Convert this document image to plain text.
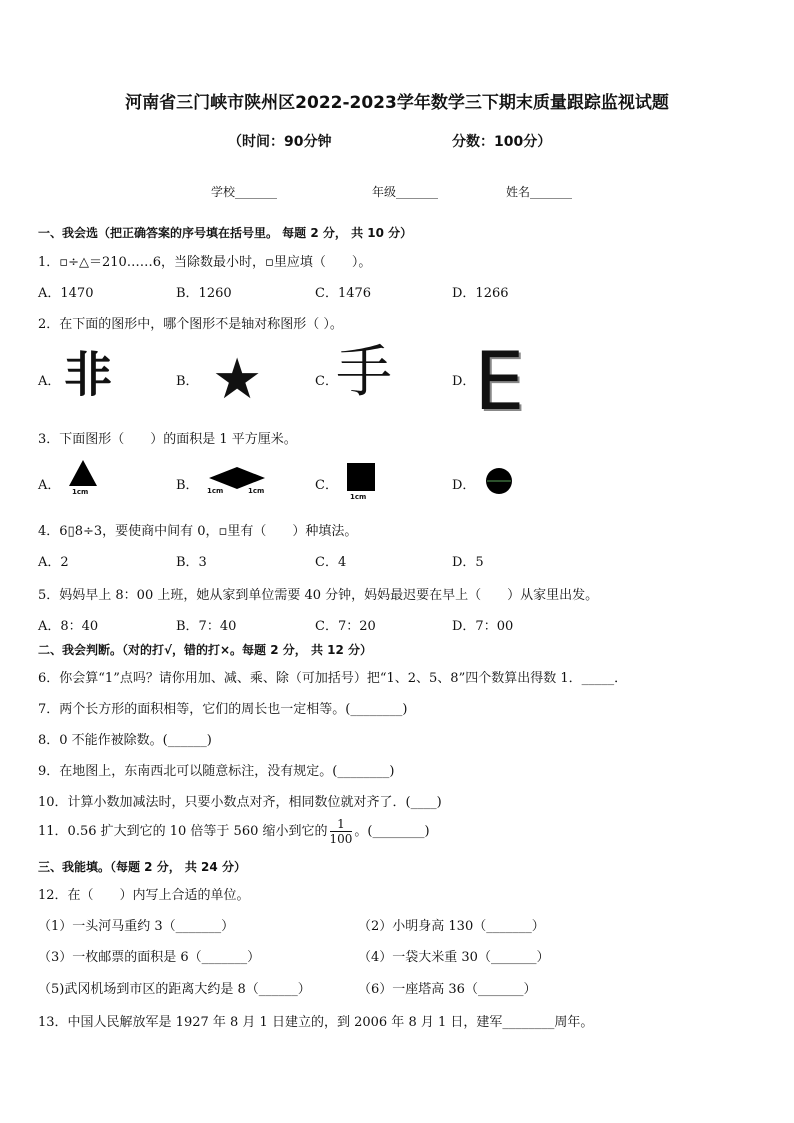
河南省三门峡市陕州区2022-2023学年数学三下期末质量跟踪监视试题
（时间：90分钟	分数：100分）
学校_______	年级_______	姓名_______
一、我会选（把正确答案的序号填在括号里。 每题 2 分， 共 10 分）
1．▫÷△＝210……6，当除数最小时，▫里应填（　　）。
A．1470	B．1260	C．1476	D．1266
2．在下面的图形中，哪个图形不是轴对称图形（ ）。
A． 非	B． ★	C．
手	D．
E
3．下面图形（　　）的面积是 1 平方厘米。
A． 1cm	B． 1cm	1cm	C．
1cm
D．
4．6▯8÷3，要使商中间有 0，▫里有（　　）种填法。
A．2	B．3	C．4	D．5
5．妈妈早上 8：00 上班，她从家到单位需要 40 分钟，妈妈最迟要在早上（　　）从家里出发。
A．8：40	B．7：40	C．7：20	D．7：00
二、我会判断。（对的打√，错的打×。每题 2 分， 共 12 分）
6．你会算“1”点吗？请你用加、减、乘、除（可加括号）把“1、2、5、8”四个数算出得数 1．_____．
7．两个长方形的面积相等，它们的周长也一定相等。(________)
8．0 不能作被除数。(______)
9．在地图上，东南西北可以随意标注，没有规定。(________)
10．计算小数加减法时，只要小数点对齐，相同数位就对齐了．(____)
11．0.56 扩大到它的 10 倍等于 560 缩小到它的 $\frac{1}{100}$ 。(________)
三、我能填。（每题 2 分， 共 24 分）
12．在（　　）内写上合适的单位。
（1）一头河马重约 3（_______）	（2）小明身高 130（_______）
（3）一枚邮票的面积是 6（_______）	（4）一袋大米重 30（_______）
（5)武冈机场到市区的距离大约是 8（______）	（6）一座塔高 36（_______）
13．中国人民解放军是 1927 年 8 月 1 日建立的，到 2006 年 8 月 1 日，建军________周年。
